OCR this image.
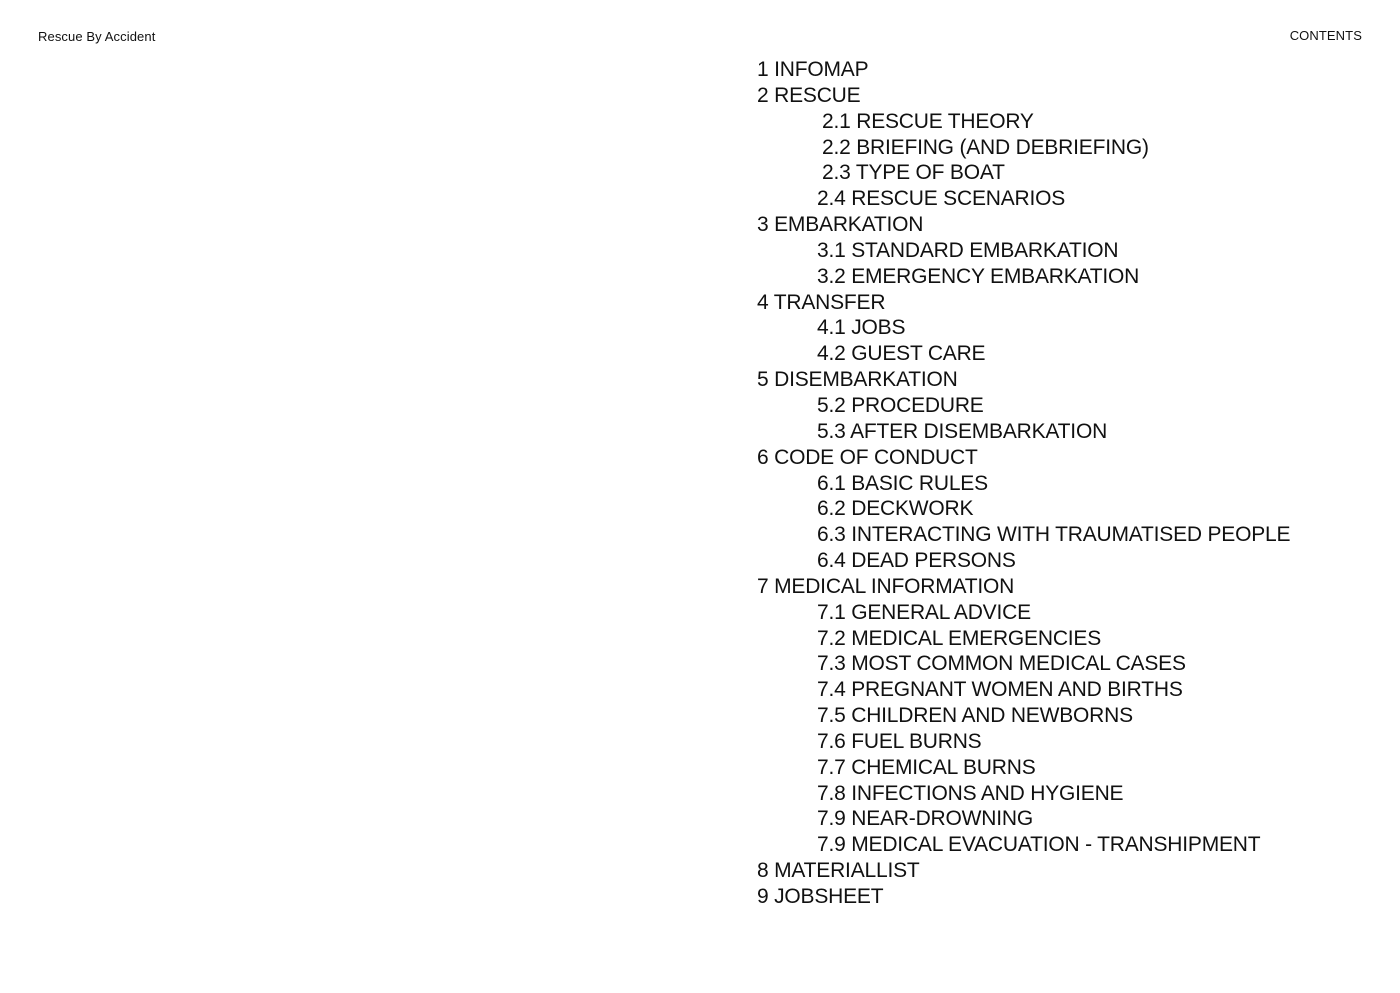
Rescue By Accident	CONTENTS
1 INFOMAP
2 RESCUE
2.1 RESCUE THEORY
2.2 BRIEFING (AND DEBRIEFING)
2.3 TYPE OF BOAT
2.4 RESCUE SCENARIOS
3 EMBARKATION
3.1 STANDARD EMBARKATION
3.2 EMERGENCY EMBARKATION
4 TRANSFER
4.1 JOBS
4.2 GUEST CARE
5 DISEMBARKATION
5.2 PROCEDURE
5.3 AFTER DISEMBARKATION
6 CODE OF CONDUCT
6.1 BASIC RULES
6.2 DECKWORK
6.3 INTERACTING WITH TRAUMATISED PEOPLE
6.4 DEAD PERSONS
7 MEDICAL INFORMATION
7.1 GENERAL ADVICE
7.2 MEDICAL EMERGENCIES
7.3 MOST COMMON MEDICAL CASES
7.4 PREGNANT WOMEN AND BIRTHS
7.5 CHILDREN AND NEWBORNS
7.6 FUEL BURNS
7.7 CHEMICAL BURNS
7.8 INFECTIONS AND HYGIENE
7.9 NEAR-DROWNING
7.9 MEDICAL EVACUATION - TRANSHIPMENT
8 MATERIALLIST
9 JOBSHEET
